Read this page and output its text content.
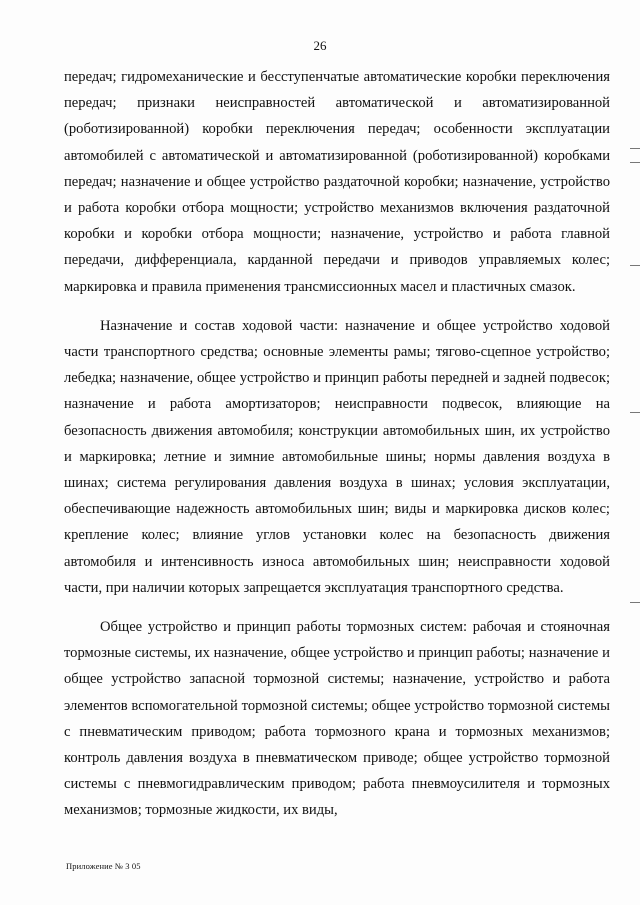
26

передач; гидромеханические и бесступенчатые автоматические коробки переключения передач; признаки неисправностей автоматической и автоматизированной (роботизированной) коробки переключения передач; особенности эксплуатации автомобилей с автоматической и автоматизированной (роботизированной) коробками передач; назначение и общее устройство раздаточной коробки; назначение, устройство и работа коробки отбора мощности; устройство механизмов включения раздаточной коробки и коробки отбора мощности; назначение, устройство и работа главной передачи, дифференциала, карданной передачи и приводов управляемых колес; маркировка и правила применения трансмиссионных масел и пластичных смазок.

Назначение и состав ходовой части: назначение и общее устройство ходовой части транспортного средства; основные элементы рамы; тягово-сцепное устройство; лебедка; назначение, общее устройство и принцип работы передней и задней подвесок; назначение и работа амортизаторов; неисправности подвесок, влияющие на безопасность движения автомобиля; конструкции автомобильных шин, их устройство и маркировка; летние и зимние автомобильные шины; нормы давления воздуха в шинах; система регулирования давления воздуха в шинах; условия эксплуатации, обеспечивающие надежность автомобильных шин; виды и маркировка дисков колес; крепление колес; влияние углов установки колес на безопасность движения автомобиля и интенсивность износа автомобильных шин; неисправности ходовой части, при наличии которых запрещается эксплуатация транспортного средства.

Общее устройство и принцип работы тормозных систем: рабочая и стояночная тормозные системы, их назначение, общее устройство и принцип работы; назначение и общее устройство запасной тормозной системы; назначение, устройство и работа элементов вспомогательной тормозной системы; общее устройство тормозной системы с пневматическим приводом; работа тормозного крана и тормозных механизмов; контроль давления воздуха в пневматическом приводе; общее устройство тормозной системы с пневмогидравлическим приводом; работа пневмоусилителя и тормозных механизмов; тормозные жидкости, их виды,

Приложение № 3 05
